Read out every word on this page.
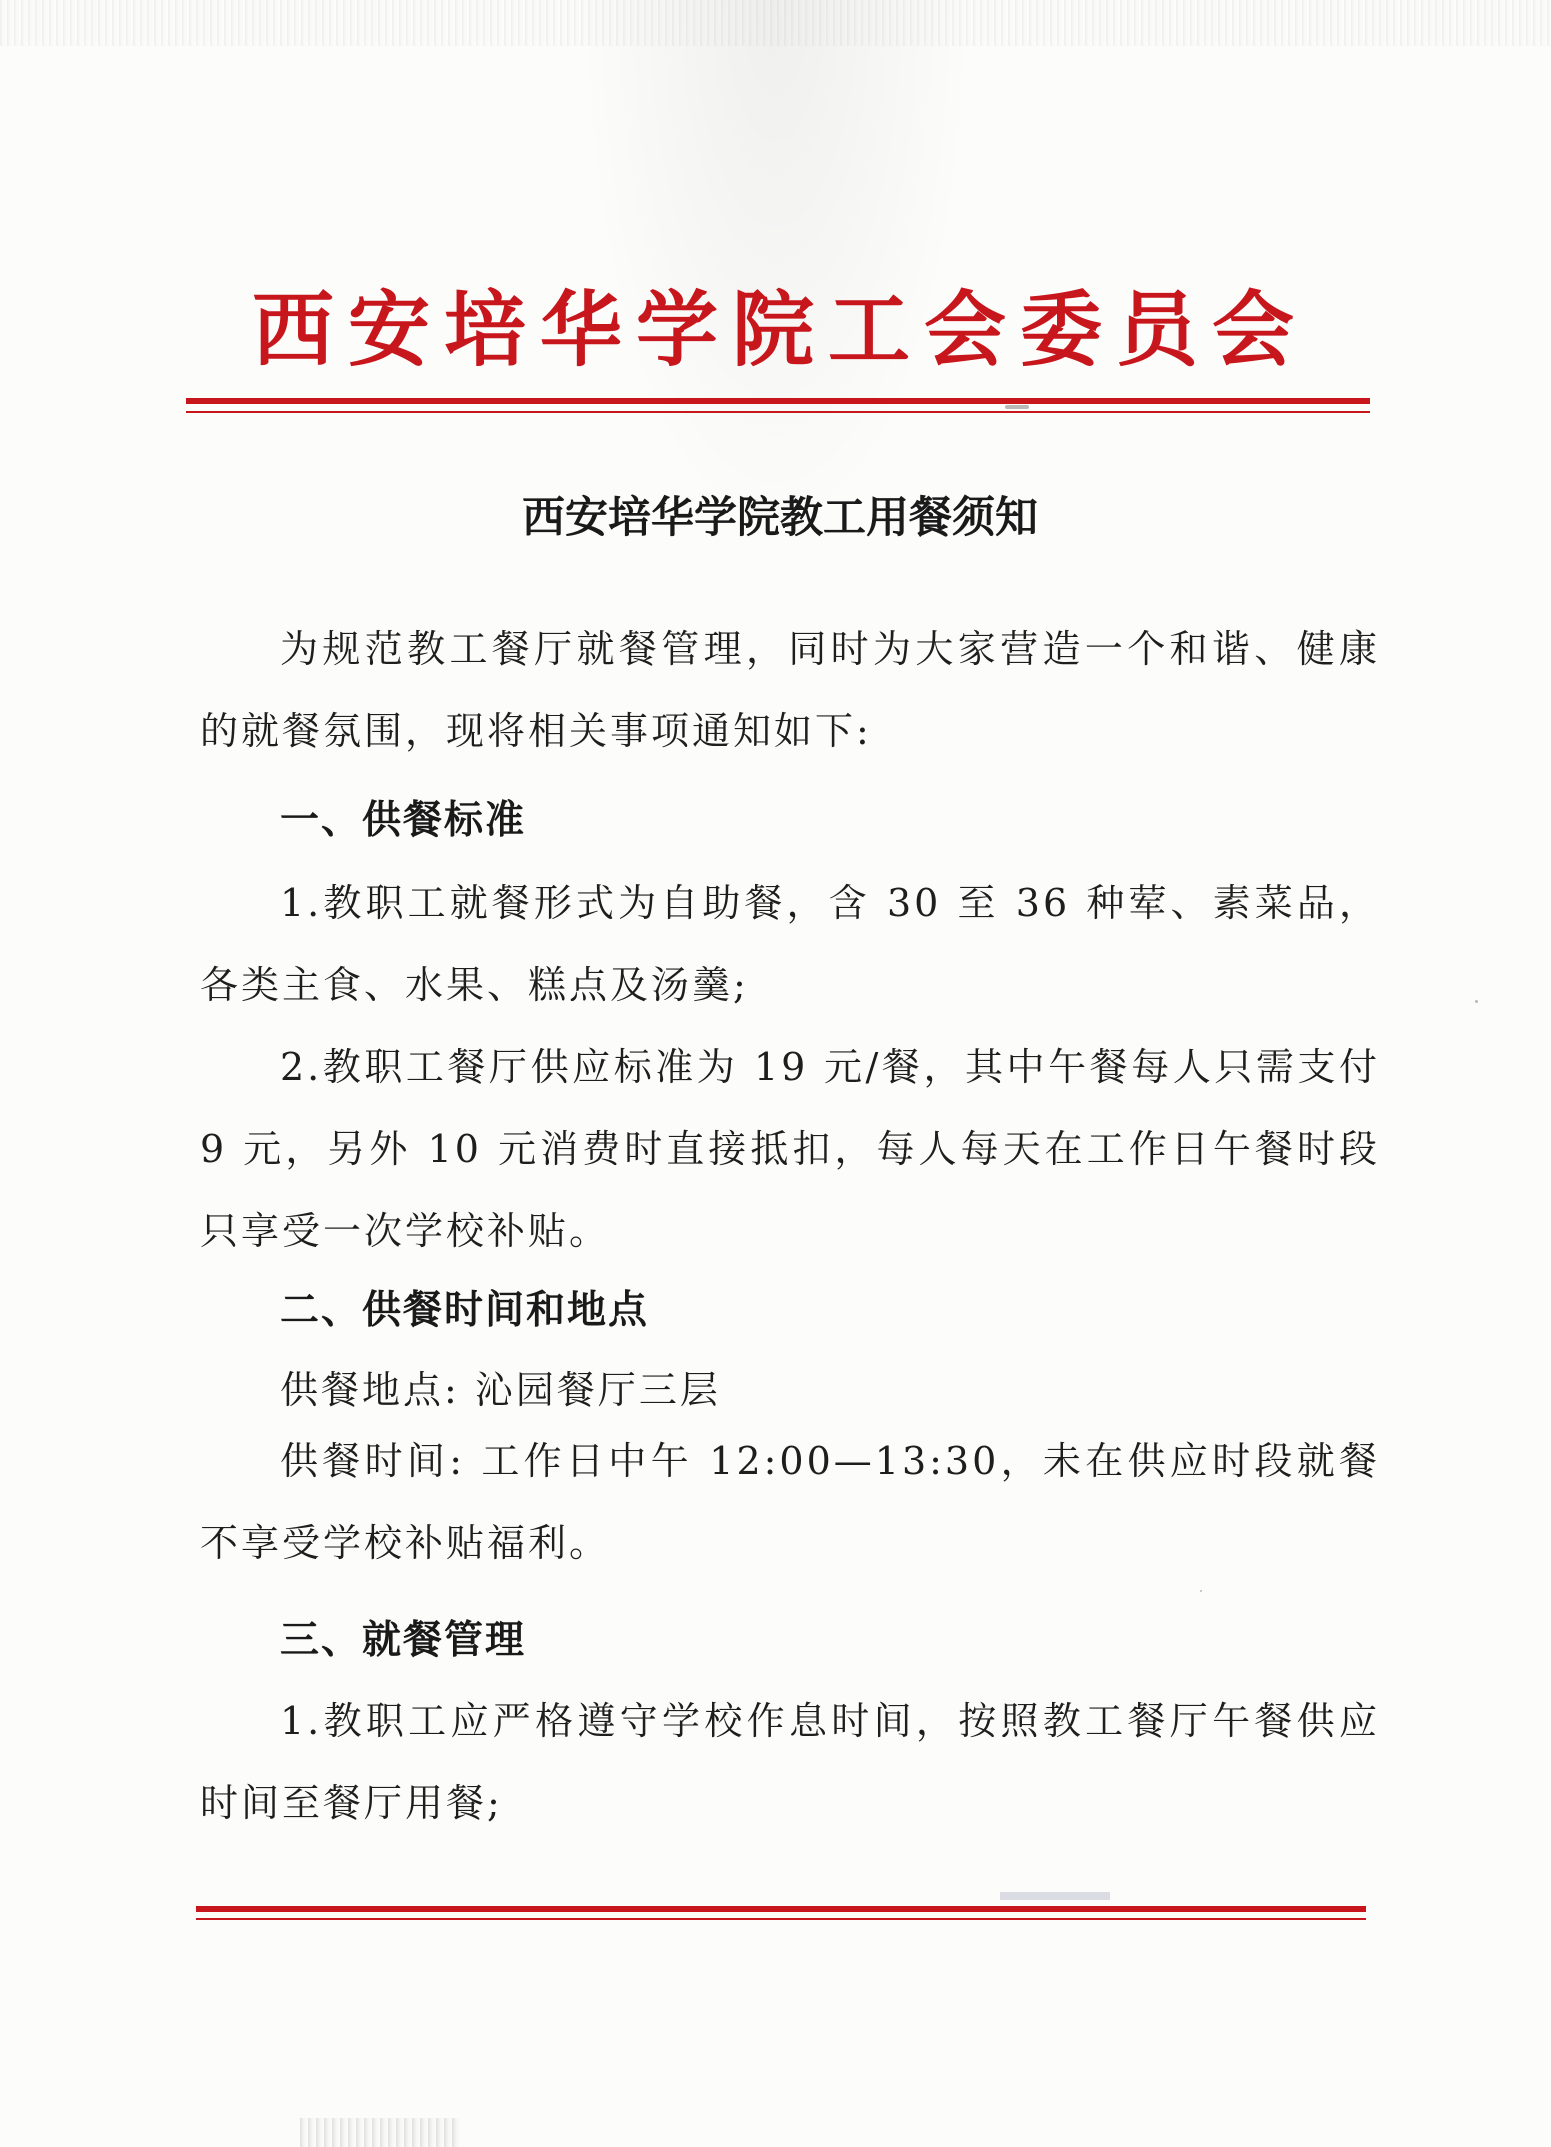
西安培华学院工会委员会
西安培华学院教工用餐须知
为规范教工餐厅就餐管理，同时为大家营造一个和谐、健康的就餐氛围，现将相关事项通知如下:
一、供餐标准
1.教职工就餐形式为自助餐，含 30 至 36 种荤、素菜品，各类主食、水果、糕点及汤羹;
2.教职工餐厅供应标准为 19 元/餐，其中午餐每人只需支付 9 元，另外 10 元消费时直接抵扣，每人每天在工作日午餐时段只享受一次学校补贴。
二、供餐时间和地点
供餐地点: 沁园餐厅三层
供餐时间: 工作日中午 12:00—13:30，未在供应时段就餐不享受学校补贴福利。
三、就餐管理
1.教职工应严格遵守学校作息时间，按照教工餐厅午餐供应时间至餐厅用餐;
